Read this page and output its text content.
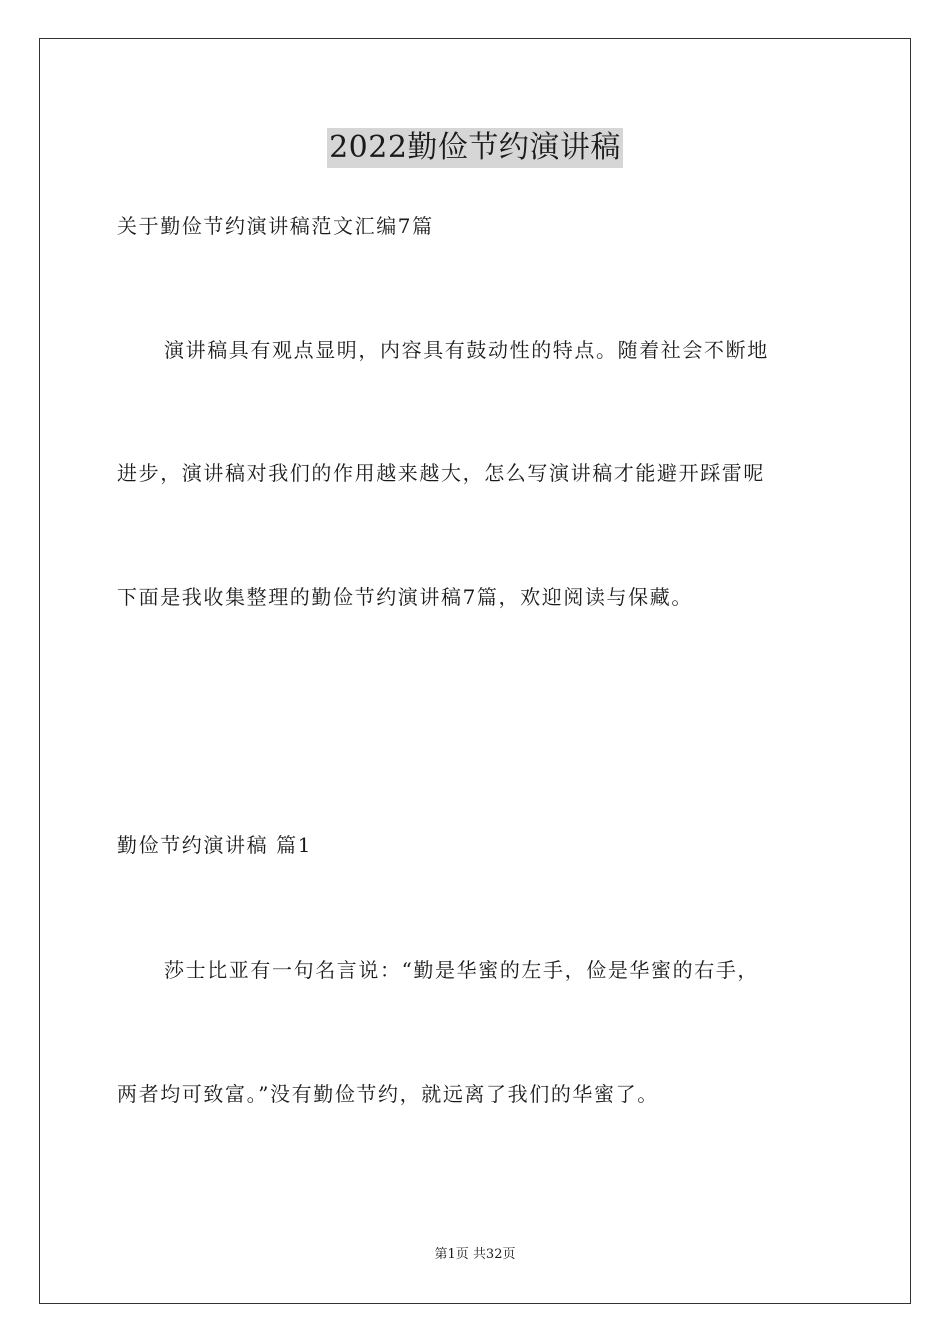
2022勤俭节约演讲稿
关于勤俭节约演讲稿范文汇编7篇
演讲稿具有观点显明，内容具有鼓动性的特点。随着社会不断地
进步，演讲稿对我们的作用越来越大，怎么写演讲稿才能避开踩雷呢
下面是我收集整理的勤俭节约演讲稿7篇，欢迎阅读与保藏。
勤俭节约演讲稿 篇1
莎士比亚有一句名言说：“勤是华蜜的左手，俭是华蜜的右手，
两者均可致富。”没有勤俭节约，就远离了我们的华蜜了。
第1页 共32页
